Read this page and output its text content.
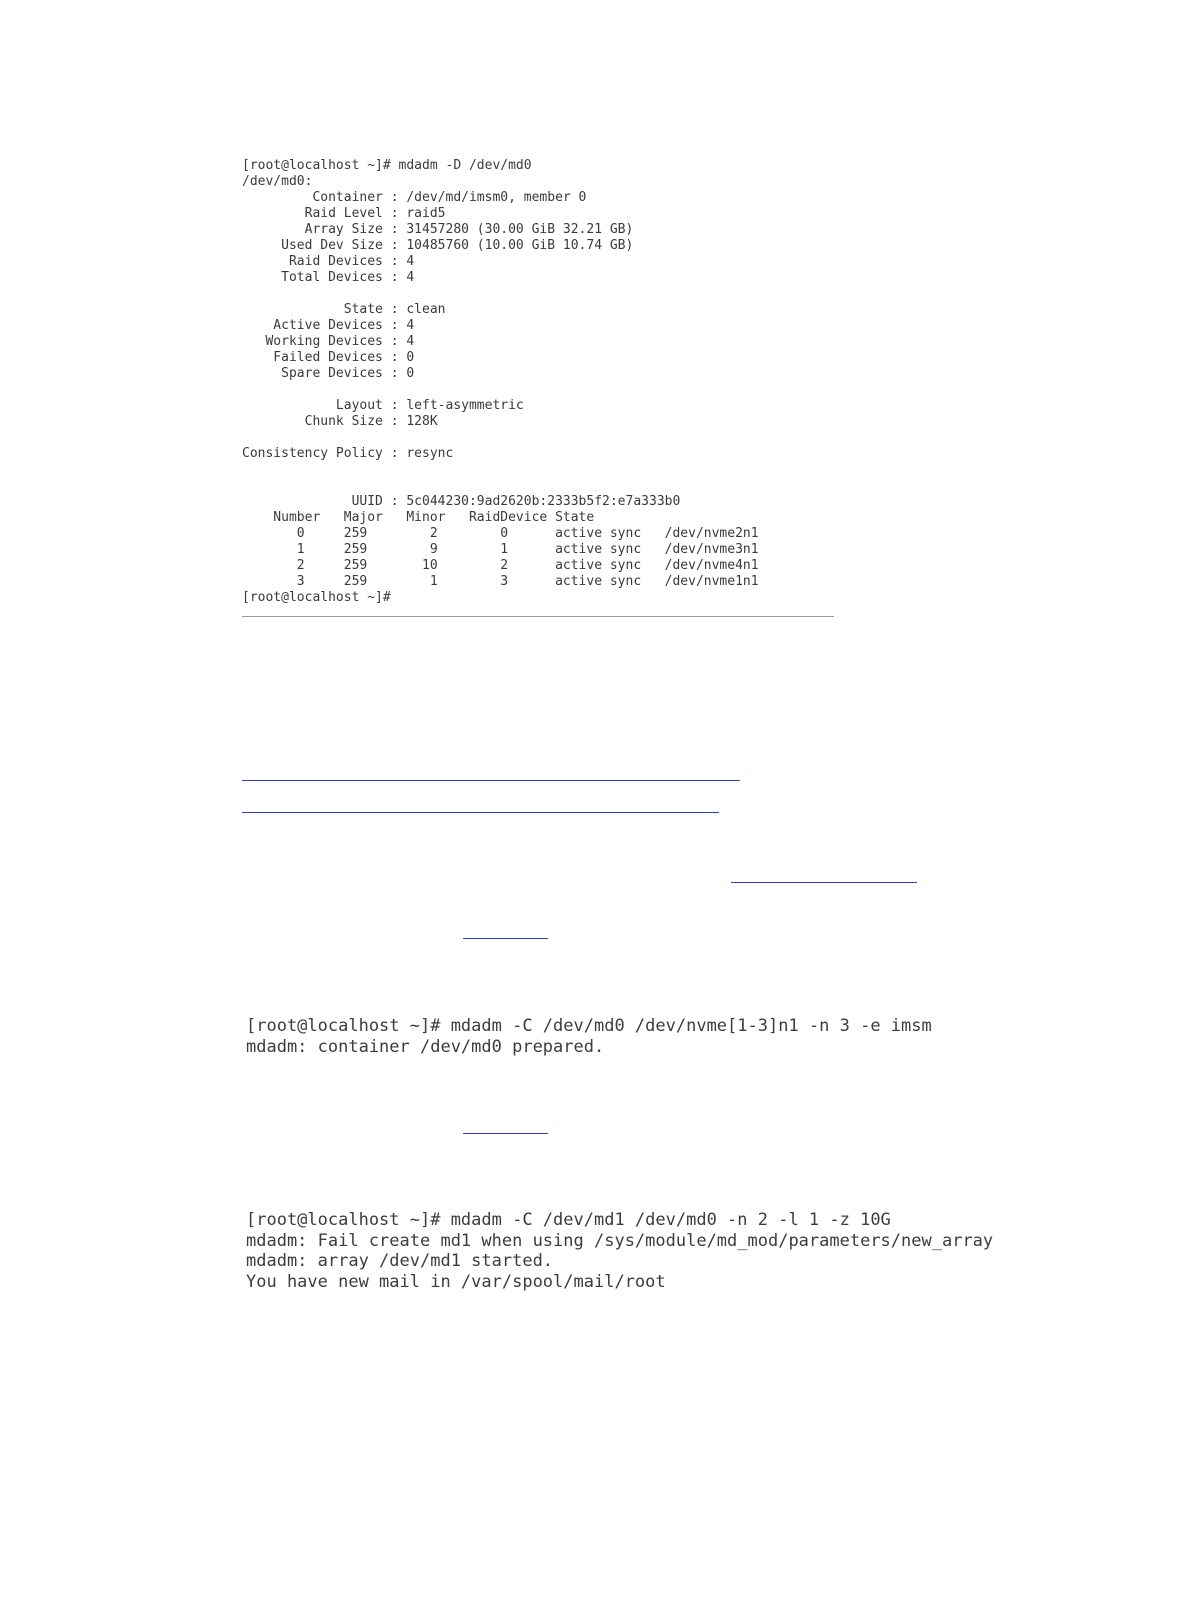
[root@localhost ~]# mdadm -D /dev/md0
/dev/md0:
Container : /dev/md/imsm0, member 0
Raid Level : raid5
Array Size : 31457280 (30.00 GiB 32.21 GB)
Used Dev Size : 10485760 (10.00 GiB 10.74 GB)
Raid Devices : 4
Total Devices : 4
State : clean
Active Devices : 4
Working Devices : 4
Failed Devices : 0
Spare Devices : 0
Layout : left-asymmetric
Chunk Size : 128K
Consistency Policy : resync
UUID : 5c044230:9ad2620b:2333b5f2:e7a333b0
Number   Major   Minor   RaidDevice State
0     259        2        0      active sync   /dev/nvme2n1
1     259        9        1      active sync   /dev/nvme3n1
2     259       10        2      active sync   /dev/nvme4n1
3     259        1        3      active sync   /dev/nvme1n1
[root@localhost ~]#
[root@localhost ~]# mdadm -C /dev/md0 /dev/nvme[1-3]n1 -n 3 -e imsm
mdadm: container /dev/md0 prepared.
[root@localhost ~]# mdadm -C /dev/md1 /dev/md0 -n 2 -l 1 -z 10G
mdadm: Fail create md1 when using /sys/module/md_mod/parameters/new_array
mdadm: array /dev/md1 started.
You have new mail in /var/spool/mail/root
